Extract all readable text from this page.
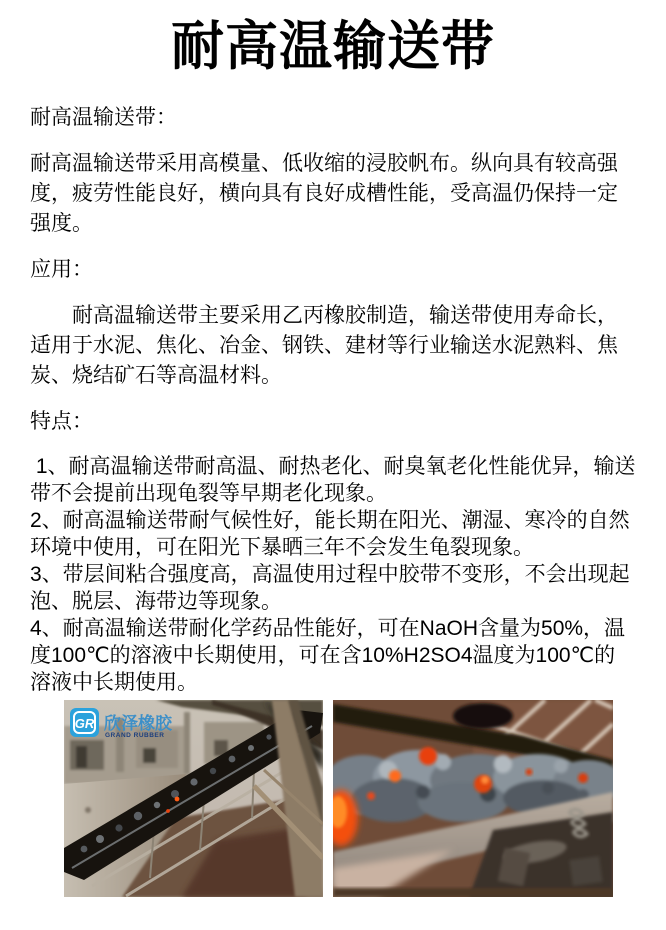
耐高温输送带

耐高温输送带：

耐高温输送带采用高模量、低收缩的浸胶帆布。纵向具有较高强度，疲劳性能良好，横向具有良好成槽性能，受高温仍保持一定强度。

应用：

　　耐高温输送带主要采用乙丙橡胶制造，输送带使用寿命长，适用于水泥、焦化、冶金、钢铁、建材等行业输送水泥熟料、焦炭、烧结矿石等高温材料。

特点：

1、耐高温输送带耐高温、耐热老化、耐臭氧老化性能优异，输送带不会提前出现龟裂等早期老化现象。

2、耐高温输送带耐气候性好，能长期在阳光、潮湿、寒冷的自然环境中使用，可在阳光下暴晒三年不会发生龟裂现象。

3、带层间粘合强度高，高温使用过程中胶带不变形，不会出现起泡、脱层、海带边等现象。

4、耐高温输送带耐化学药品性能好，可在NaOH含量为50%，温度100℃的溶液中长期使用，可在含10%H2SO4温度为100℃的溶液中长期使用。

GR 欣泽橡胶
GRAND RUBBER
